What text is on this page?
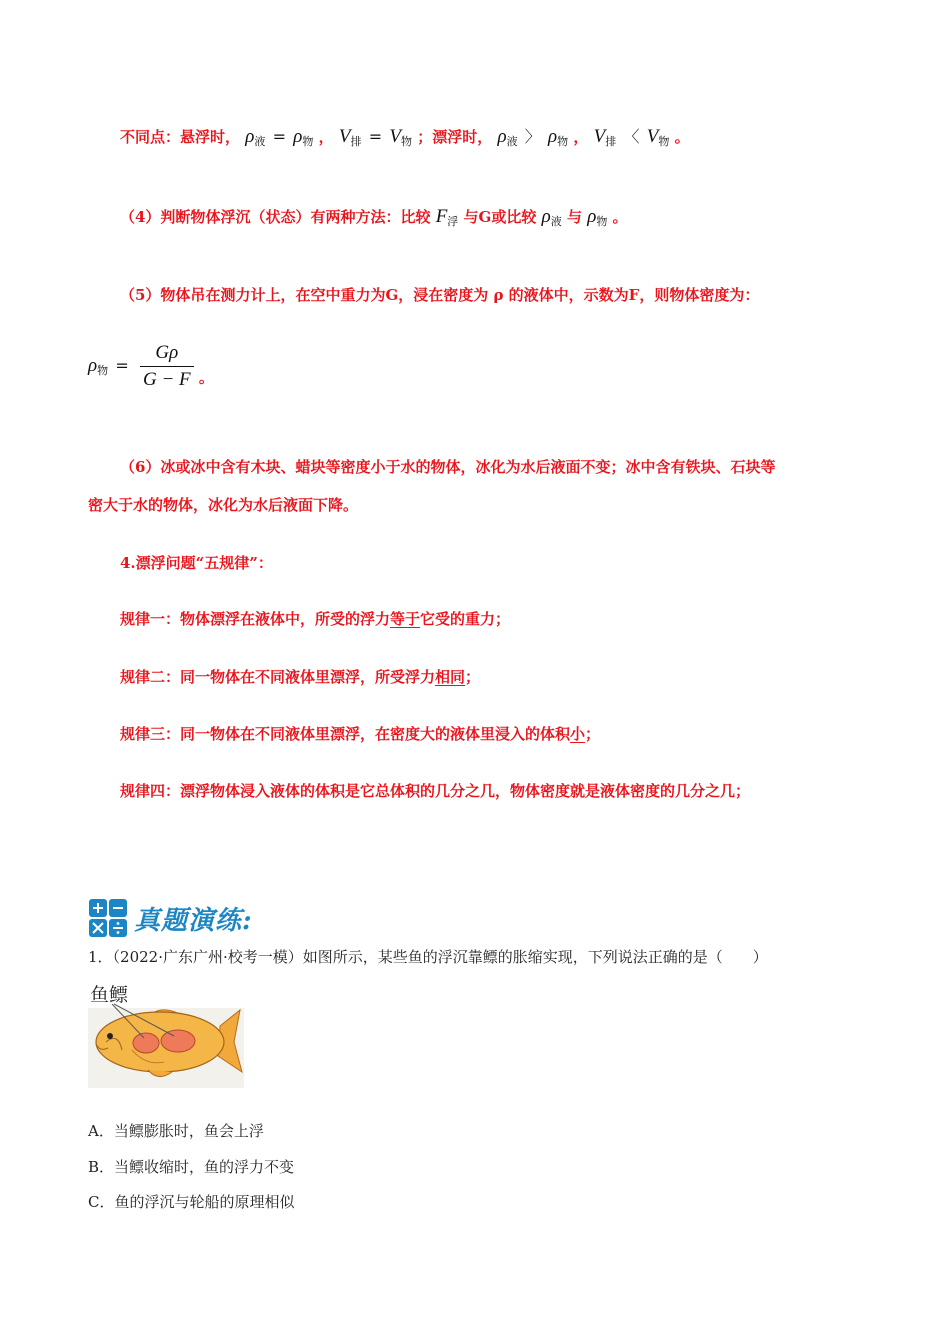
不同点：悬浮时， $\rho_液 = \rho_物$ ， $V_排 = V_物$ ；漂浮时， $\rho_液$ 〉 $\rho_物$ ， $V_排$ 〈 $V_物$ 。
（4）判断物体浮沉（状态）有两种方法：比较 $F_浮$ 与G或比较 $\rho_液$ 与 $\rho_物$ 。
（5）物体吊在测力计上，在空中重力为G，浸在密度为 ρ 的液体中，示数为F，则物体密度为：
$\rho_物 = \frac{G\rho}{G - F}$ 。
（6）冰或冰中含有木块、蜡块等密度小于水的物体，冰化为水后液面不变；冰中含有铁块、石块等
密大于水的物体，冰化为水后液面下降。
4.漂浮问题“五规律”：
规律一：物体漂浮在液体中，所受的浮力等于它受的重力；
规律二：同一物体在不同液体里漂浮，所受浮力相同；
规律三：同一物体在不同液体里漂浮，在密度大的液体里浸入的体积小；
规律四：漂浮物体浸入液体的体积是它总体积的几分之几，物体密度就是液体密度的几分之几；
真题演练:
1．（2022·广东广州·校考一模）如图所示，某些鱼的浮沉靠鳔的胀缩实现，下列说法正确的是（　　）
鱼鳔
A．当鳔膨胀时，鱼会上浮
B．当鳔收缩时，鱼的浮力不变
C．鱼的浮沉与轮船的原理相似
